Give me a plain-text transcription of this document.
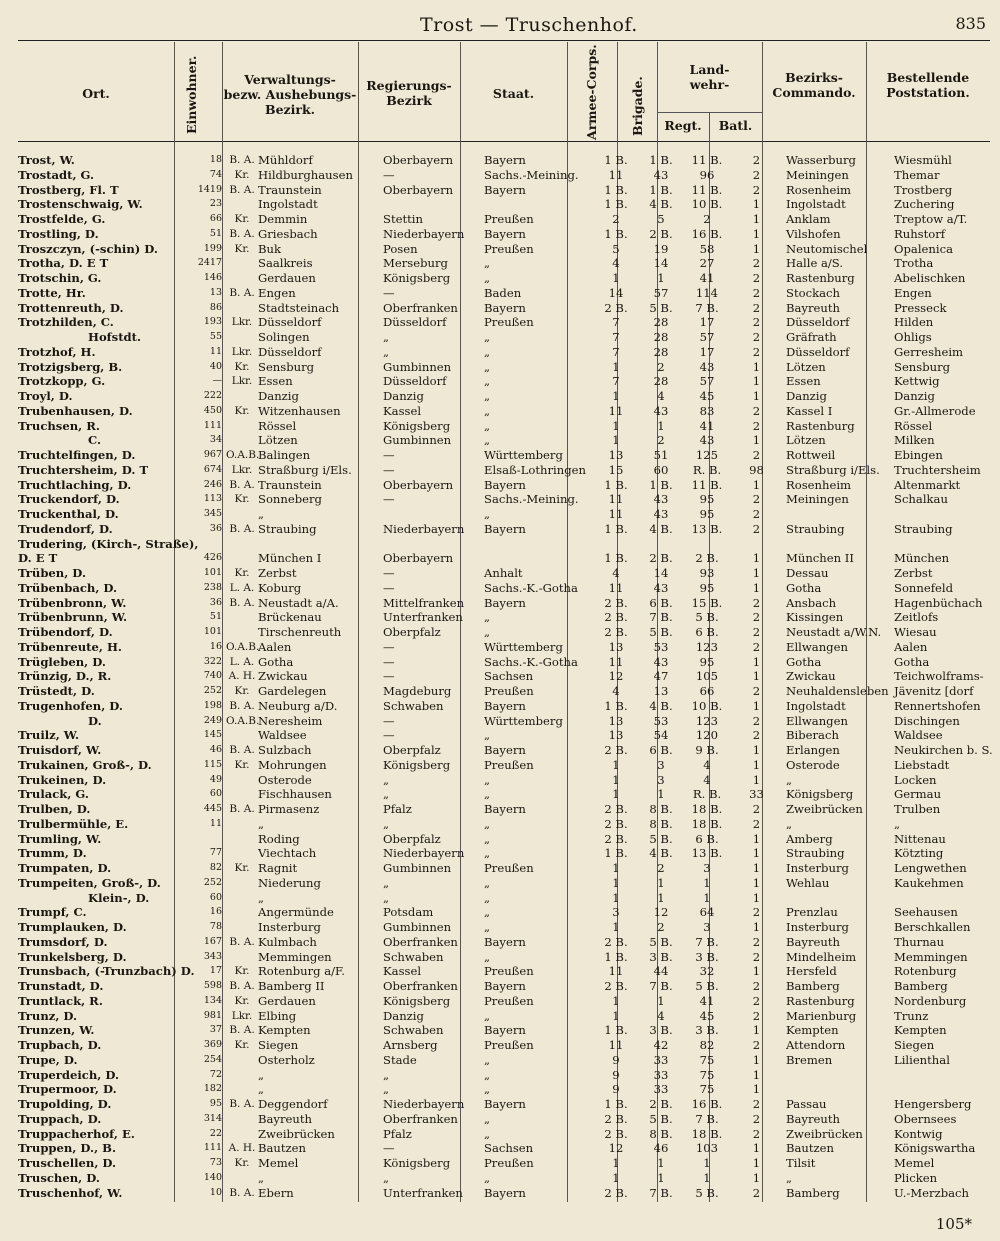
Trost — Truschenhof.	835
Ort.	Einwohner.	Verwaltungs-
bezw. Aushebungs-
Bezirk.
Regierungs-
Bezirk	Staat.	Armee-Corps. Brigade.
Land-
wehr-
Regt.	Batl.
Bezirks-
Commando.
Bestellende
Poststation.
Trost, W.	18	B. A.	Mühldorf	Oberbayern	Bayern	1 B.	1 B.	11 B.	2	Wasserburg	Wiesmühl
Trostadt, G.	74	Kr.	Hildburghausen	—	Sachs.-Meining.	11	43	96	2	Meiningen	Themar
Trostberg, Fl. T	1419	B. A.	Traunstein	Oberbayern	Bayern	1 B.	1 B.	11 B.	2	Rosenheim	Trostberg
Trostenschwaig, W.	23		Ingolstadt			1 B.	4 B.	10 B.	1	Ingolstadt	Zuchering
Trostfelde, G.	66	Kr.	Demmin	Stettin	Preußen	2	5	2	1	Anklam	Treptow a/T.
Trostling, D.	51	B. A.	Griesbach	Niederbayern	Bayern	1 B.	2 B.	16 B.	1	Vilshofen	Ruhstorf
Troszczyn, (-schin) D.	199	Kr.	Buk	Posen	Preußen	5	19	58	1	Neutomischel	Opalenica
Trotha, D. E T	2417		Saalkreis	Merseburg	„	4	14	27	2	Halle a/S.	Trotha
Trotschin, G.	146		Gerdauen	Königsberg	„	1	1	41	2	Rastenburg	Abelischken
Trotte, Hr.	13	B. A.	Engen	—	Baden	14	57	114	2	Stockach	Engen
Trottenreuth, D.	86		Stadtsteinach	Oberfranken	Bayern	2 B.	5 B.	7 B.	2	Bayreuth	Presseck
Trotzhilden, C.	193	Lkr.	Düsseldorf	Düsseldorf	Preußen	7	28	17	2	Düsseldorf	Hilden
Hofstdt.	55		Solingen	„	„	7	28	57	2	Gräfrath	Ohligs
Trotzhof, H.	11	Lkr.	Düsseldorf	„	„	7	28	17	2	Düsseldorf	Gerresheim
Trotzigsberg, B.	40	Kr.	Sensburg	Gumbinnen	„	1	2	43	1	Lötzen	Sensburg
Trotzkopp, G.	—	Lkr.	Essen	Düsseldorf	„	7	28	57	1	Essen	Kettwig
Troyl, D.	222		Danzig	Danzig	„	1	4	45	1	Danzig	Danzig
Trubenhausen, D.	450	Kr.	Witzenhausen	Kassel	„	11	43	83	2	Kassel I	Gr.-Allmerode
Truchsen, R.	111		Rössel	Königsberg	„	1	1	41	2	Rastenburg	Rössel
C.	34		Lötzen	Gumbinnen	„	1	2	43	1	Lötzen	Milken
Truchtelfingen, D.	967	O.A.B.	Balingen	—	Württemberg	13	51	125	2	Rottweil	Ebingen
Truchtersheim, D. T	674	Lkr.	Straßburg i/Els.	—	Elsaß-Lothringen	15	60	R. B.	98	Straßburg i/Els.	Truchtersheim
Truchtlaching, D.	246	B. A.	Traunstein	Oberbayern	Bayern	1 B.	1 B.	11 B.	1	Rosenheim	Altenmarkt
Truckendorf, D.	113	Kr.	Sonneberg	—	Sachs.-Meining.	11	43	95	2	Meiningen	Schalkau
Truckenthal, D.	345		„		„	11	43	95	2		
Trudendorf, D.	36	B. A.	Straubing	Niederbayern	Bayern	1 B.	4 B.	13 B.	2	Straubing	Straubing
Trudering, (Kirch-, Straße),											
D. E T	426		München I	Oberbayern		1 B.	2 B.	2 B.	1	München II	München
Trüben, D.	101	Kr.	Zerbst	—	Anhalt	4	14	93	1	Dessau	Zerbst
Trübenbach, D.	238	L. A.	Koburg	—	Sachs.-K.-Gotha	11	43	95	1	Gotha	Sonnefeld
Trübenbronn, W.	36	B. A.	Neustadt a/A.	Mittelfranken	Bayern	2 B.	6 B.	15 B.	2	Ansbach	Hagenbüchach
Trübenbrunn, W.	51		Brückenau	Unterfranken	„	2 B.	7 B.	5 B.	2	Kissingen	Zeitlofs
Trübendorf, D.	101		Tirschenreuth	Oberpfalz	„	2 B.	5 B.	6 B.	2	Neustadt a/W.N.	Wiesau
Trübenreute, H.	16	O.A.B.	Aalen	—	Württemberg	13	53	123	2	Ellwangen	Aalen
Trügleben, D.	322	L. A.	Gotha	—	Sachs.-K.-Gotha	11	43	95	1	Gotha	Gotha
Trünzig, D., R.	740	A. H.	Zwickau	—	Sachsen	12	47	105	1	Zwickau	Teichwolframs-
Trüstedt, D.	252	Kr.	Gardelegen	Magdeburg	Preußen	4	13	66	2	Neuhaldensleben	Jävenitz [dorf
Trugenhofen, D.	198	B. A.	Neuburg a/D.	Schwaben	Bayern	1 B.	4 B.	10 B.	1	Ingolstadt	Rennertshofen
D.	249	O.A.B.	Neresheim	—	Württemberg	13	53	123	2	Ellwangen	Dischingen
Truilz, W.	145		Waldsee	—	„	13	54	120	2	Biberach	Waldsee
Truisdorf, W.	46	B. A.	Sulzbach	Oberpfalz	Bayern	2 B.	6 B.	9 B.	1	Erlangen	Neukirchen b. S.
Trukainen, Groß-, D.	115	Kr.	Mohrungen	Königsberg	Preußen	1	3	4	1	Osterode	Liebstadt
Trukeinen, D.	49		Osterode	„	„	1	3	4	1	„	Locken
Trulack, G.	60		Fischhausen	„	„	1	1	R. B.	33	Königsberg	Germau
Trulben, D.	445	B. A.	Pirmasenz	Pfalz	Bayern	2 B.	8 B.	18 B.	2	Zweibrücken	Trulben
Trulbermühle, E.	11		„	„	„	2 B.	8 B.	18 B.	2	„	„
Trumling, W.			Roding	Oberpfalz	„	2 B.	5 B.	6 B.	1	Amberg	Nittenau
Trumm, D.	77		Viechtach	Niederbayern	„	1 B.	4 B.	13 B.	1	Straubing	Kötzting
Trumpaten, D.	82	Kr.	Ragnit	Gumbinnen	Preußen	1	2	3	1	Insterburg	Lengwethen
Trumpeiten, Groß-, D.	252		Niederung	„	„	1	1	1	1	Wehlau	Kaukehmen
Klein-, D.	60		„	„	„	1	1	1	1		
Trumpf, C.	16		Angermünde	Potsdam	„	3	12	64	2	Prenzlau	Seehausen
Trumplauken, D.	78		Insterburg	Gumbinnen	„	1	2	3	1	Insterburg	Berschkallen
Trumsdorf, D.	167	B. A.	Kulmbach	Oberfranken	Bayern	2 B.	5 B.	7 B.	2	Bayreuth	Thurnau
Trunkelsberg, D.	343		Memmingen	Schwaben	„	1 B.	3 B.	3 B.	2	Mindelheim	Memmingen
Trunsbach, (-Trunzbach) D.	17	Kr.	Rotenburg a/F.	Kassel	Preußen	11	44	32	1	Hersfeld	Rotenburg
Trunstadt, D.	598	B. A.	Bamberg II	Oberfranken	Bayern	2 B.	7 B.	5 B.	2	Bamberg	Bamberg
Truntlack, R.	134	Kr.	Gerdauen	Königsberg	Preußen	1	1	41	2	Rastenburg	Nordenburg
Trunz, D.	981	Lkr.	Elbing	Danzig	„	1	4	45	2	Marienburg	Trunz
Trunzen, W.	37	B. A.	Kempten	Schwaben	Bayern	1 B.	3 B.	3 B.	1	Kempten	Kempten
Trupbach, D.	369	Kr.	Siegen	Arnsberg	Preußen	11	42	82	2	Attendorn	Siegen
Trupe, D.	254		Osterholz	Stade	„	9	33	75	1	Bremen	Lilienthal
Truperdeich, D.	72		„	„	„	9	33	75	1		
Trupermoor, D.	182		„	„	„	9	33	75	1		
Trupolding, D.	95	B. A.	Deggendorf	Niederbayern	Bayern	1 B.	2 B.	16 B.	2	Passau	Hengersberg
Truppach, D.	314		Bayreuth	Oberfranken	„	2 B.	5 B.	7 B.	2	Bayreuth	Obernsees
Truppacherhof, E.	22		Zweibrücken	Pfalz	„	2 B.	8 B.	18 B.	2	Zweibrücken	Kontwig
Truppen, D., B.	111	A. H.	Bautzen	—	Sachsen	12	46	103	1	Bautzen	Königswartha
Truschellen, D.	73	Kr.	Memel	Königsberg	Preußen	1	1	1	1	Tilsit	Memel
Truschen, D.	140		„	„	„	1	1	1	1	„	Plicken
Truschenhof, W.	10	B. A.	Ebern	Unterfranken	Bayern	2 B.	7 B.	5 B.	2	Bamberg	U.-Merzbach
105*
